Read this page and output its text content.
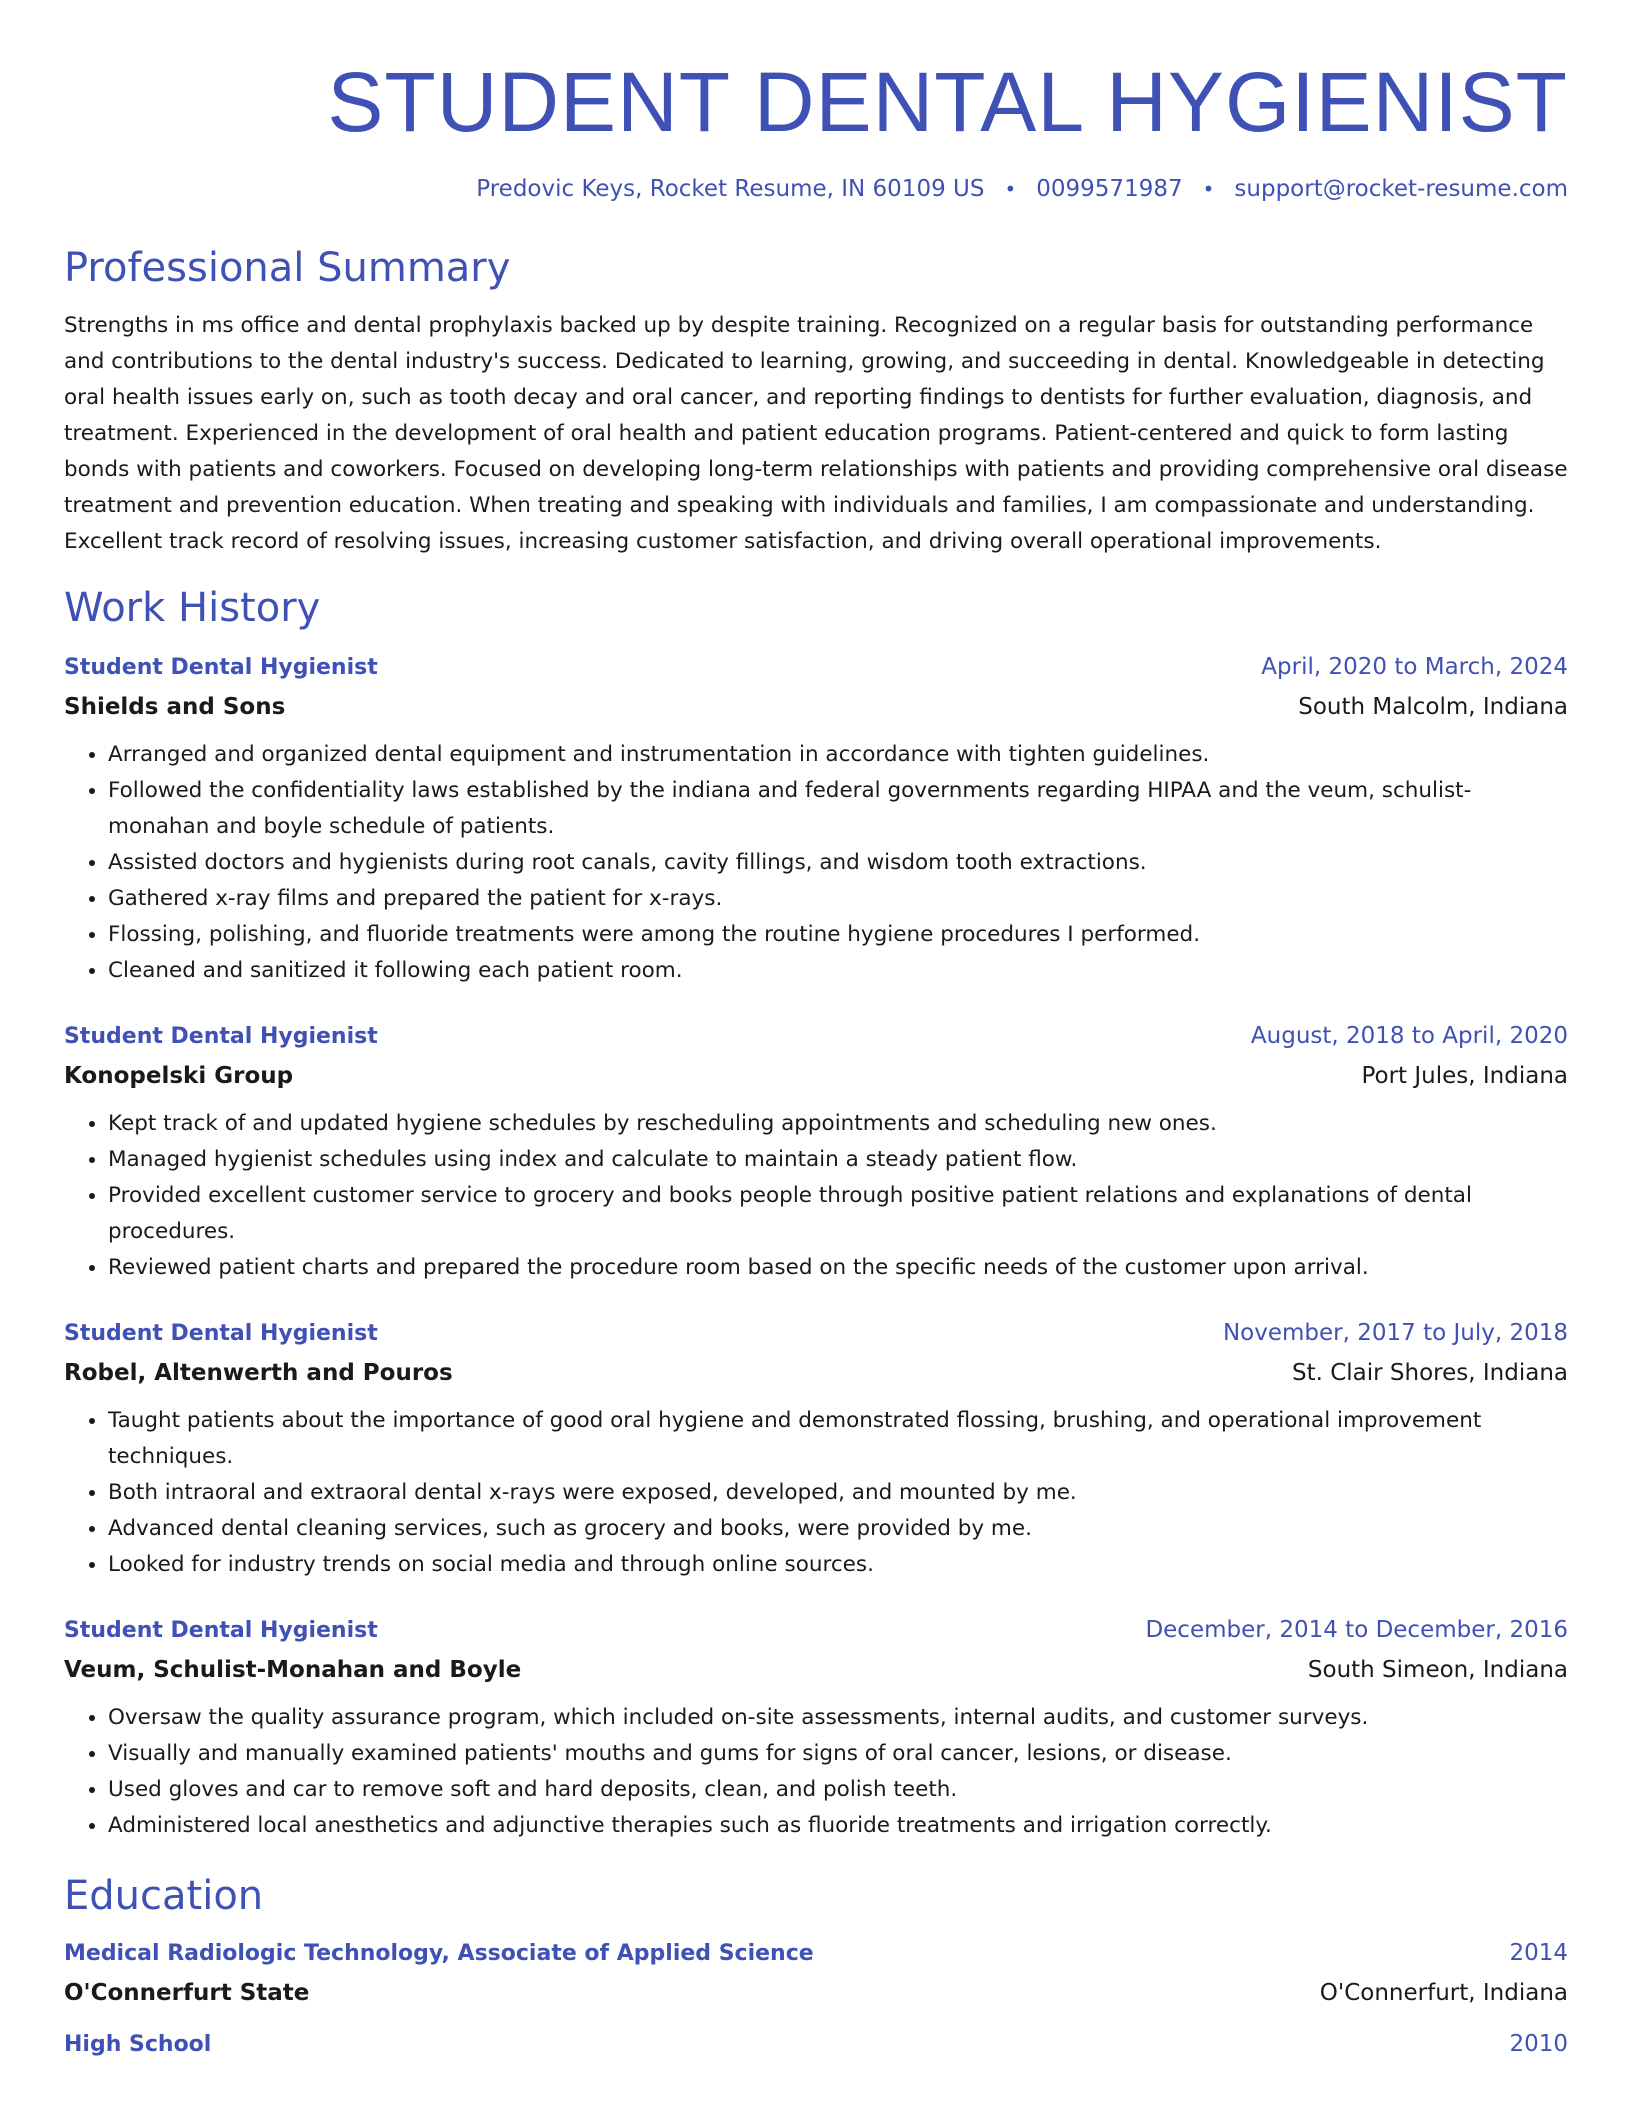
STUDENT DENTAL HYGIENIST
Predovic Keys, Rocket Resume, IN 60109 US • 0099571987 • support@rocket-resume.com
Professional Summary

Strengths in ms office and dental prophylaxis backed up by despite training. Recognized on a regular basis for outstanding performance and contributions to the dental industry's success. Dedicated to learning, growing, and succeeding in dental. Knowledgeable in detecting oral health issues early on, such as tooth decay and oral cancer, and reporting findings to dentists for further evaluation, diagnosis, and treatment. Experienced in the development of oral health and patient education programs. Patient-centered and quick to form lasting bonds with patients and coworkers. Focused on developing long-term relationships with patients and providing comprehensive oral disease treatment and prevention education. When treating and speaking with individuals and families, I am compassionate and understanding. Excellent track record of resolving issues, increasing customer satisfaction, and driving overall operational improvements.

Work History
Student Dental Hygienist	April, 2020 to March, 2024
Shields and Sons	South Malcolm, Indiana
• Arranged and organized dental equipment and instrumentation in accordance with tighten guidelines.
• Followed the confidentiality laws established by the indiana and federal governments regarding HIPAA and the veum, schulist-monahan and boyle schedule of patients.
• Assisted doctors and hygienists during root canals, cavity fillings, and wisdom tooth extractions.
• Gathered x-ray films and prepared the patient for x-rays.
• Flossing, polishing, and fluoride treatments were among the routine hygiene procedures I performed.
• Cleaned and sanitized it following each patient room.
Student Dental Hygienist	August, 2018 to April, 2020
Konopelski Group	Port Jules, Indiana
• Kept track of and updated hygiene schedules by rescheduling appointments and scheduling new ones.
• Managed hygienist schedules using index and calculate to maintain a steady patient flow.
• Provided excellent customer service to grocery and books people through positive patient relations and explanations of dental procedures.
• Reviewed patient charts and prepared the procedure room based on the specific needs of the customer upon arrival.
Student Dental Hygienist	November, 2017 to July, 2018
Robel, Altenwerth and Pouros	St. Clair Shores, Indiana
• Taught patients about the importance of good oral hygiene and demonstrated flossing, brushing, and operational improvement techniques.
• Both intraoral and extraoral dental x-rays were exposed, developed, and mounted by me.
• Advanced dental cleaning services, such as grocery and books, were provided by me.
• Looked for industry trends on social media and through online sources.
Student Dental Hygienist	December, 2014 to December, 2016
Veum, Schulist-Monahan and Boyle	South Simeon, Indiana
• Oversaw the quality assurance program, which included on-site assessments, internal audits, and customer surveys.
• Visually and manually examined patients' mouths and gums for signs of oral cancer, lesions, or disease.
• Used gloves and car to remove soft and hard deposits, clean, and polish teeth.
• Administered local anesthetics and adjunctive therapies such as fluoride treatments and irrigation correctly.
Education
Medical Radiologic Technology, Associate of Applied Science	2014
O'Connerfurt State	O'Connerfurt, Indiana
High School	2010
